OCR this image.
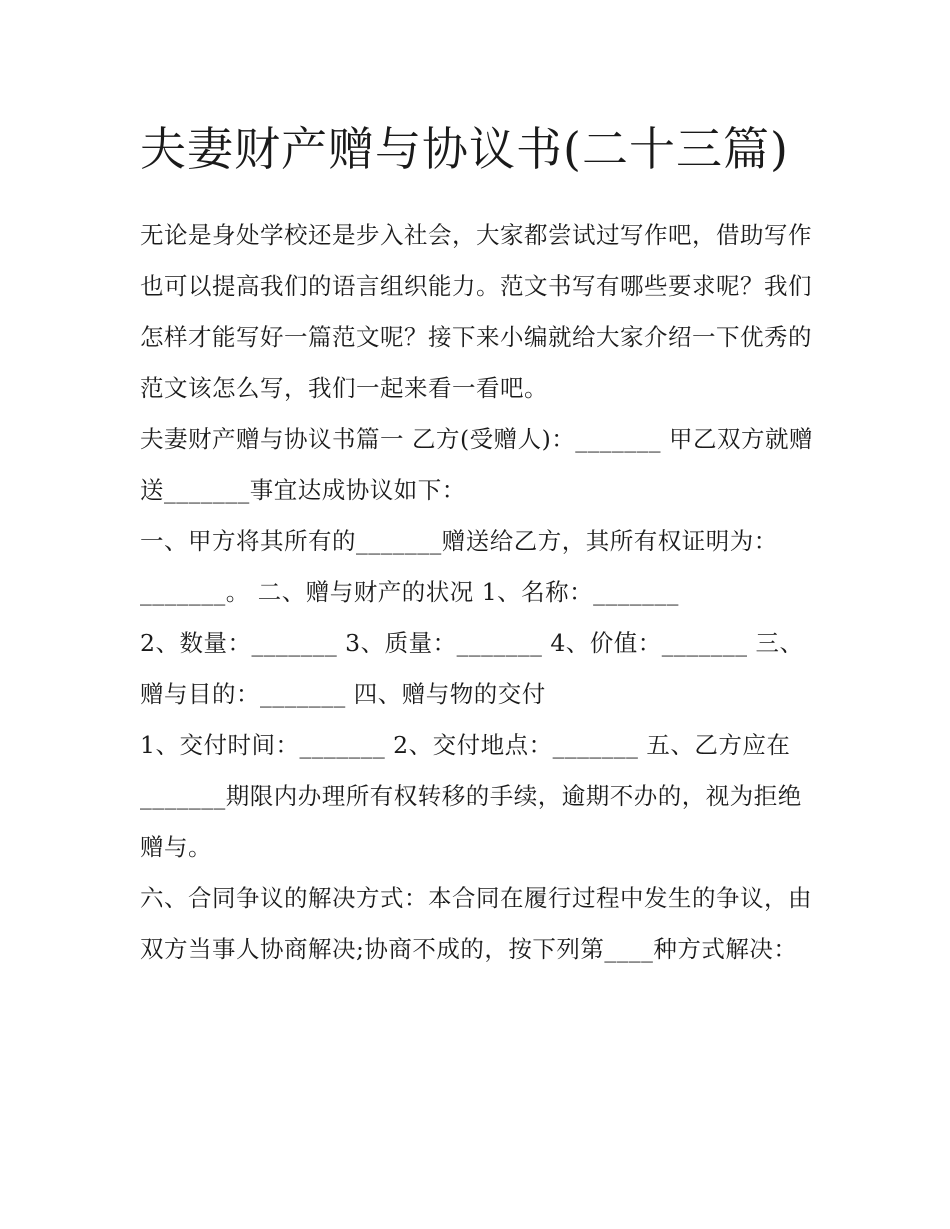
夫妻财产赠与协议书(二十三篇)

无论是身处学校还是步入社会，大家都尝试过写作吧，借助写作也可以提高我们的语言组织能力。范文书写有哪些要求呢？我们怎样才能写好一篇范文呢？接下来小编就给大家介绍一下优秀的范文该怎么写，我们一起来看一看吧。

夫妻财产赠与协议书篇一 乙方(受赠人)：_______ 甲乙双方就赠送_______事宜达成协议如下：

一、甲方将其所有的_______赠送给乙方，其所有权证明为：_______。 二、赠与财产的状况 1、名称：_______

2、数量：_______ 3、质量：_______ 4、价值：_______ 三、赠与目的：_______ 四、赠与物的交付

1、交付时间：_______ 2、交付地点：_______ 五、乙方应在_______期限内办理所有权转移的手续，逾期不办的，视为拒绝赠与。

六、合同争议的解决方式：本合同在履行过程中发生的争议，由双方当事人协商解决;协商不成的，按下列第____种方式解决：
